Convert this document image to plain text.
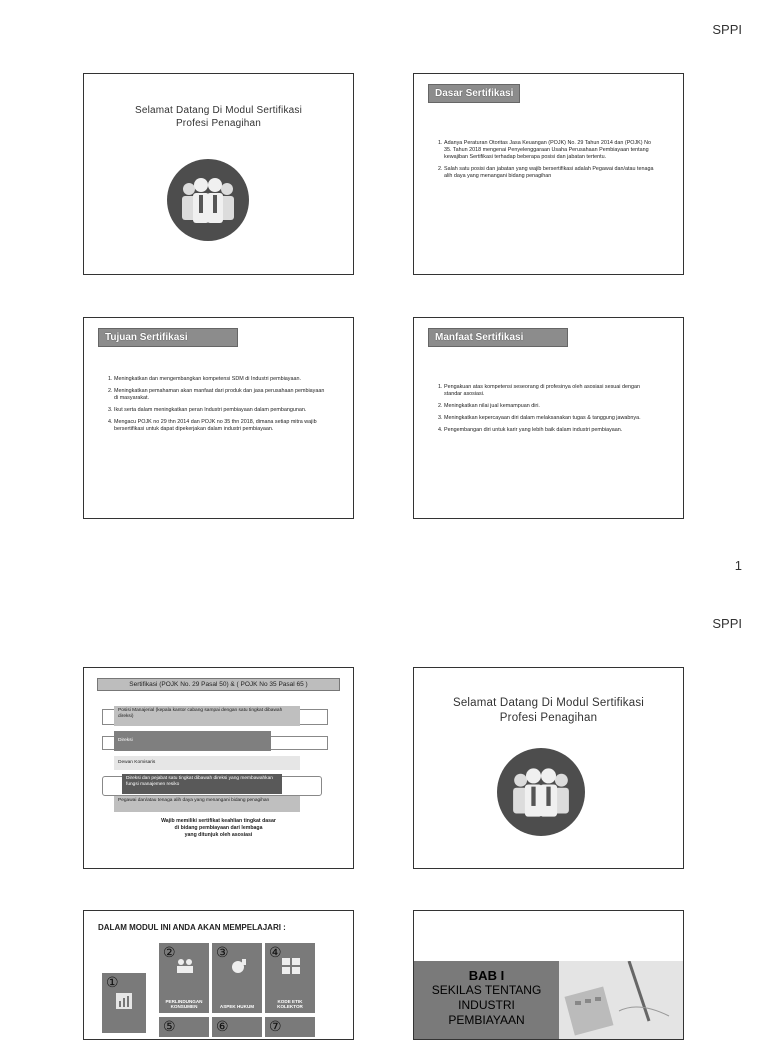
SPPI
Selamat Datang Di Modul Sertifikasi
Profesi Penagihan
Dasar Sertifikasi
1. Adanya Peraturan Otoritas Jasa Keuangan (POJK) No. 29 Tahun 2014 dan (POJK) No 35. Tahun 2018 mengenai Penyelenggaraan Usaha Perusahaan Pembiayaan tentang kewajiban Sertifikasi terhadap beberapa posisi dan jabatan tertentu.
2. Salah satu posisi dan jabatan yang wajib bersertifikasi adalah Pegawai dan/atau tenaga alih daya yang menangani bidang penagihan
Tujuan Sertifikasi
1. Meningkatkan dan mengembangkan kompetensi SDM di Industri pembiayaan.
2. Meningkatkan pemahaman akan manfaat dari produk dan jasa perusahaan pembiayaan di masyarakat.
3. Ikut serta dalam meningkatkan peran Industri pembiayaan dalam pembangunan.
4. Mengacu POJK no 29 thn 2014 dan POJK no 35 thn 2018, dimana setiap mitra wajib bersertifikasi untuk dapat dipekerjakan dalam industri pembiayaan.
Manfaat Sertifikasi
1. Pengakuan atas kompetensi seseorang di profesinya oleh asosiasi sesuai dengan standar asosiasi.
2. Meningkatkan nilai jual kemampuan diri.
3. Meningkatkan kepercayaan diri dalam melaksanakan tugas & tanggung jawabnya.
4. Pengembangan diri untuk karir yang lebih baik dalam industri pembiayaan.
1
SPPI
Sertifikasi (POJK No. 29 Pasal 50) & ( POJK No 35 Pasal 65 )
Posisi Manajerial (kepala kantor cabang sampai dengan satu tingkat dibawah direksi)
Direksi
Dewan Komisaris
Direksi dan pejabat satu tingkat dibawah direksi yang membawahkan fungsi manajemen resiko
Pegawai dan/atau tenaga alih daya yang menangani bidang penagihan
Wajib memiliki sertifikat keahlian tingkat dasar
di bidang pembiayaan dari lembaga
yang ditunjuk oleh asosiasi
Selamat Datang Di Modul Sertifikasi
Profesi Penagihan
DALAM MODUL INI ANDA AKAN MEMPELAJARI :
①
②
PERLINDUNGAN KONSUMEN
③
ASPEK HUKUM
④
KODE ETIK KOLEKTOR
⑤	⑥	⑦
BAB I
SEKILAS TENTANG
INDUSTRI
PEMBIAYAAN
